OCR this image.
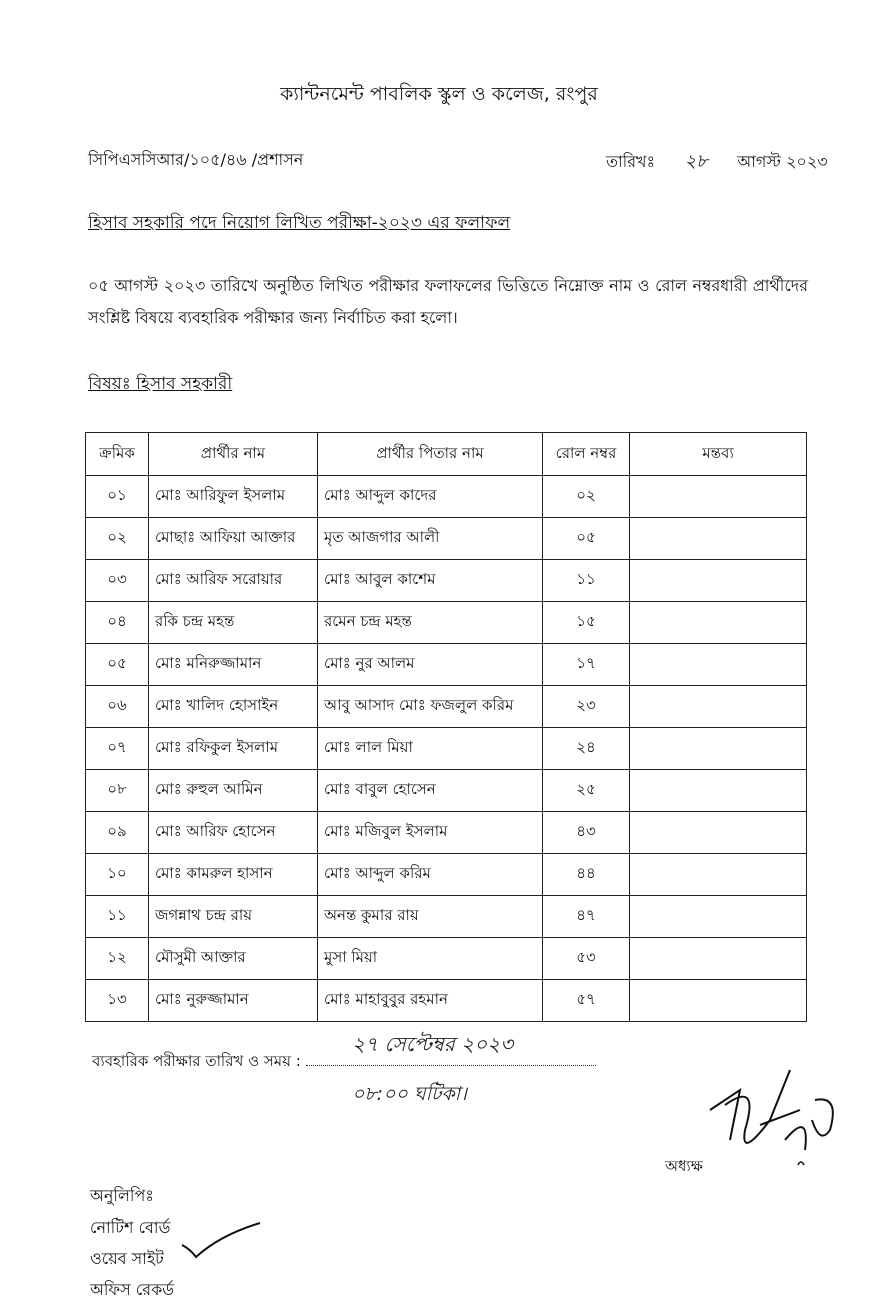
ক্যান্টনমেন্ট পাবলিক স্কুল ও কলেজ, রংপুর
সিপিএসসিআর/১০৫/৪৬ /প্রশাসন	তারিখঃ ২৮ আগস্ট ২০২৩
হিসাব সহকারি পদে নিয়োগ লিখিত পরীক্ষা-২০২৩ এর ফলাফল
০৫ আগস্ট ২০২৩ তারিখে অনুষ্ঠিত লিখিত পরীক্ষার ফলাফলের ভিত্তিতে নিম্নোক্ত নাম ও রোল নম্বরধারী প্রার্থীদের সংশ্লিষ্ট বিষয়ে ব্যবহারিক পরীক্ষার জন্য নির্বাচিত করা হলো।
বিষয়ঃ হিসাব সহকারী
ক্রমিক	প্রার্থীর নাম	প্রার্থীর পিতার নাম	রোল নম্বর	মন্তব্য
০১	মোঃ আরিফুল ইসলাম	মোঃ আব্দুল কাদের	০২	
০২	মোছাঃ আফিয়া আক্তার	মৃত আজগার আলী	০৫	
০৩	মোঃ আরিফ সরোয়ার	মোঃ আবুল কাশেম	১১	
০৪	রকি চন্দ্র মহন্ত	রমেন চন্দ্র মহন্ত	১৫	
০৫	মোঃ মনিরুজ্জামান	মোঃ নুর আলম	১৭	
০৬	মোঃ খালিদ হোসাইন	আবু আসাদ মোঃ ফজলুল করিম	২৩	
০৭	মোঃ রফিকুল ইসলাম	মোঃ লাল মিয়া	২৪	
০৮	মোঃ রুহুল আমিন	মোঃ বাবুল হোসেন	২৫	
০৯	মোঃ আরিফ হোসেন	মোঃ মজিবুল ইসলাম	৪৩	
১০	মোঃ কামরুল হাসান	মোঃ আব্দুল করিম	৪৪	
১১	জগন্নাথ চন্দ্র রায়	অনন্ত কুমার রায়	৪৭	
১২	মৌসুমী আক্তার	মুসা মিয়া	৫৩	
১৩	মোঃ নুরুজ্জামান	মোঃ মাহাবুবুর রহমান	৫৭	
ব্যবহারিক পরীক্ষার তারিখ ও সময় :
২৭ সেপ্টেম্বর ২০২৩
০৮:০০ ঘটিকা।
অধ্যক্ষ
অনুলিপিঃ
নোটিশ বোর্ড
ওয়েব সাইট
অফিস রেকর্ড
